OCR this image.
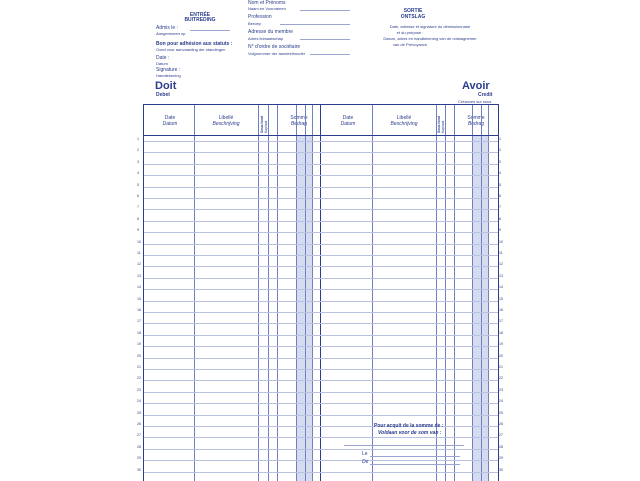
ENTRÉE
BUITREDING
Admis le :
Aangenomen op
Bon pour adhésion aux statuts :
Goed voor aanvaarding der standingen
Date :
Datum
Signature :
Handtekening
Nom et Prénoms
Naam en Voornamen
Profession
Beroep
Adresse du membre
Adres lidmaatschap
N° d'ordre de sociétaire
Volgnummer der aandeelhouder
SORTIE
ONTSLAG
Date, adresse et signature du démissionnaire
et du préposé :
Datum, adres en handtekening van de ontslagnemer
van de Prévoyance
Doit
Debet
Avoir
Credit
Créances sur sous
Date
Datum
Libellé
Beschrijving	Sous-fond Kapitaal
Somme
Bedrag
Date
Datum
Libellé
Beschrijving	Sous-fond Kapitaal
Somme
Bedrag
Pour acquit de la somme de :
Voldaan voor de som van :
Le
De
1
2
3
4
5
6
7
8
9
10
11
12
13
14
15
16
17
18
19
20
21
22
23
24
25
26
27
28
29
30
1
2
3
4
5
6
7
8
9
10
11
12
13
14
15
16
17
18
19
20
21
22
23
24
25
26
27
28
29
30
